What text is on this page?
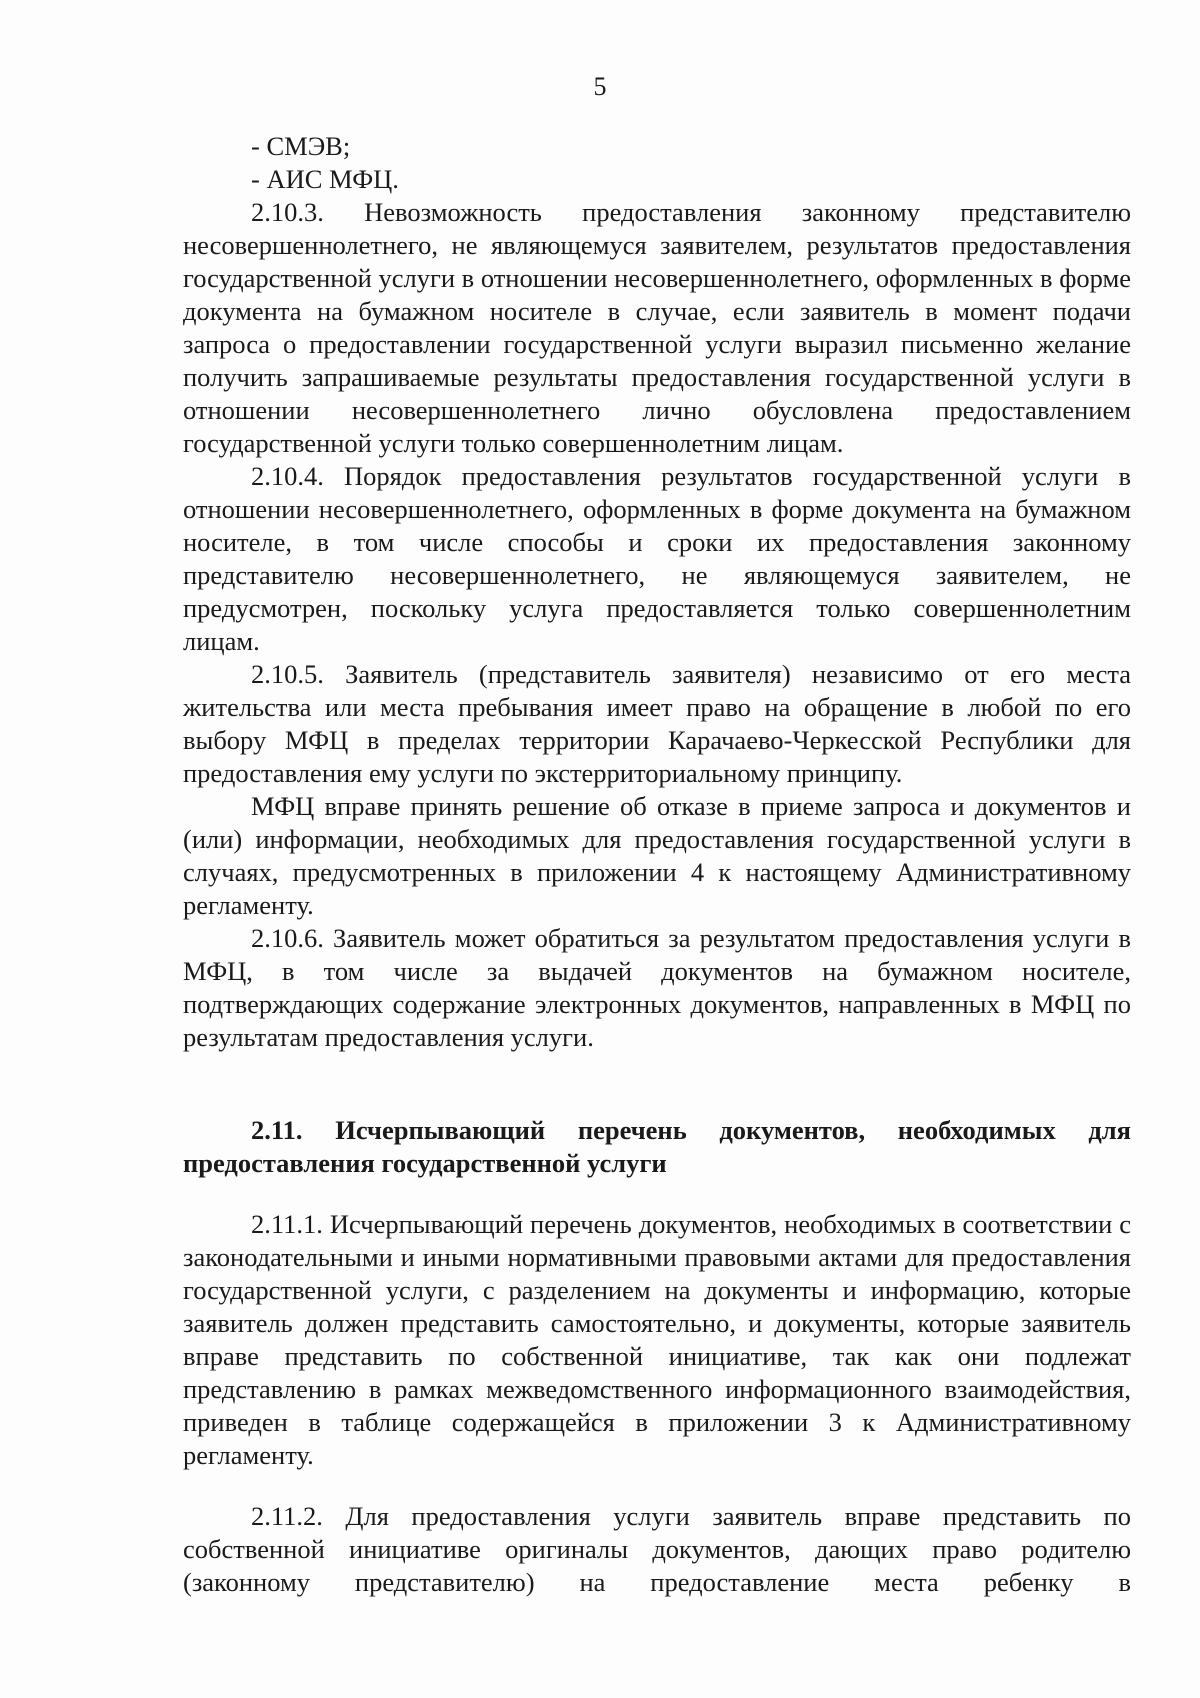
5

- СМЭВ;

- АИС МФЦ.

2.10.3. Невозможность предоставления законному представителю несовершеннолетнего, не являющемуся заявителем, результатов предоставления государственной услуги в отношении несовершеннолетнего, оформленных в форме документа на бумажном носителе в случае, если заявитель в момент подачи запроса о предоставлении государственной услуги выразил письменно желание получить запрашиваемые результаты предоставления государственной услуги в отношении несовершеннолетнего лично обусловлена предоставлением государственной услуги только совершеннолетним лицам.

2.10.4. Порядок предоставления результатов государственной услуги в отношении несовершеннолетнего, оформленных в форме документа на бумажном носителе, в том числе способы и сроки их предоставления законному представителю несовершеннолетнего, не являющемуся заявителем, не предусмотрен, поскольку услуга предоставляется только совершеннолетним лицам.

2.10.5. Заявитель (представитель заявителя) независимо от его места жительства или места пребывания имеет право на обращение в любой по его выбору МФЦ в пределах территории Карачаево-Черкесской Республики для предоставления ему услуги по экстерриториальному принципу.

МФЦ вправе принять решение об отказе в приеме запроса и документов и (или) информации, необходимых для предоставления государственной услуги в случаях, предусмотренных в приложении 4 к настоящему Административному регламенту.

2.10.6. Заявитель может обратиться за результатом предоставления услуги в МФЦ, в том числе за выдачей документов на бумажном носителе, подтверждающих содержание электронных документов, направленных в МФЦ по результатам предоставления услуги.

2.11. Исчерпывающий перечень документов, необходимых для предоставления государственной услуги

2.11.1. Исчерпывающий перечень документов, необходимых в соответствии с законодательными и иными нормативными правовыми актами для предоставления государственной услуги, с разделением на документы и информацию, которые заявитель должен представить самостоятельно, и документы, которые заявитель вправе представить по собственной инициативе, так как они подлежат представлению в рамках межведомственного информационного взаимодействия, приведен в таблице содержащейся в приложении 3 к Административному регламенту.

2.11.2. Для предоставления услуги заявитель вправе представить по собственной инициативе оригиналы документов, дающих право родителю (законному представителю) на предоставление места ребенку в
